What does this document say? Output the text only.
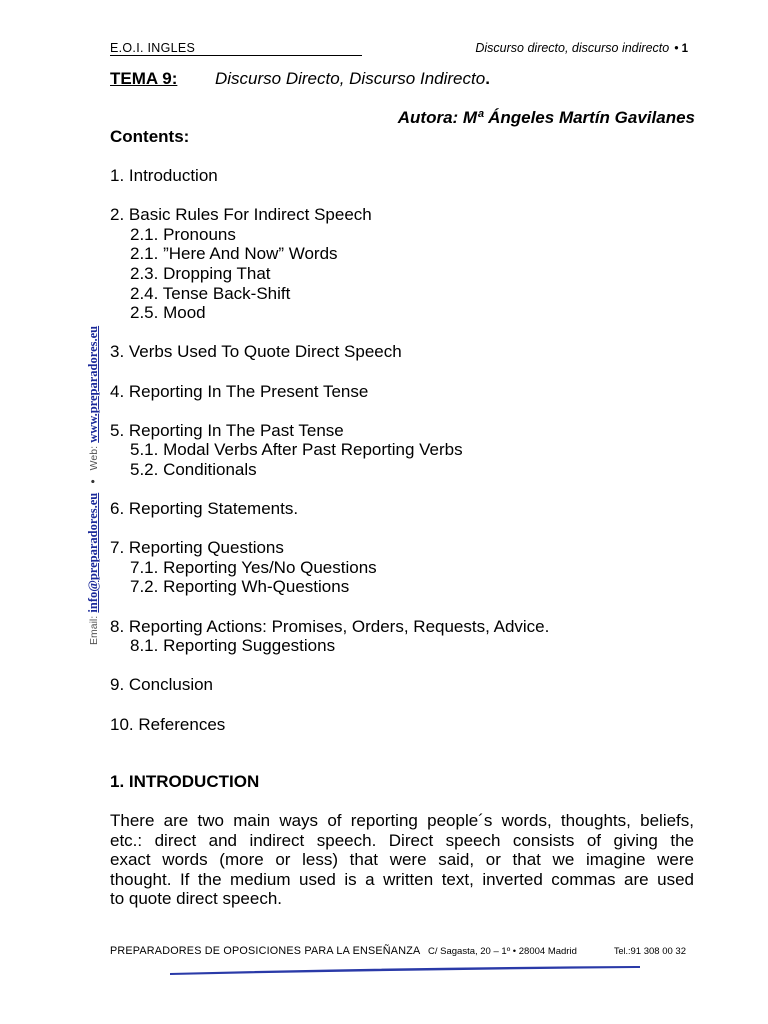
E.O.I. INGLES	Discurso directo, discurso indirecto • 1
TEMA 9: Discurso Directo, Discurso Indirecto.
Autora: Mª Ángeles Martín Gavilanes
Contents:
1. Introduction
2. Basic Rules For Indirect Speech
2.1. Pronouns
2.1. ”Here And Now” Words
2.3. Dropping That
2.4. Tense Back-Shift
2.5. Mood
3. Verbs Used To Quote Direct Speech
4. Reporting In The Present Tense
5. Reporting In The Past Tense
5.1. Modal Verbs After Past Reporting Verbs
5.2. Conditionals
6. Reporting Statements.
7. Reporting Questions
7.1. Reporting Yes/No Questions
7.2. Reporting Wh-Questions
8. Reporting Actions: Promises, Orders, Requests, Advice.
8.1. Reporting Suggestions
9. Conclusion
10. References
1. INTRODUCTION
There are two main ways of reporting people´s words, thoughts, beliefs,
etc.: direct and indirect speech. Direct speech consists of giving the
exact words (more or less) that were said, or that we imagine were
thought. If the medium used is a written text, inverted commas are used
to quote direct speech.
PREPARADORES DE OPOSICIONES PARA LA ENSEÑANZA C/ Sagasta, 20 – 1º • 28004 Madrid	Tel.:91 308 00 32
Email: info@preparadores.eu • Web: www.preparadores.eu
